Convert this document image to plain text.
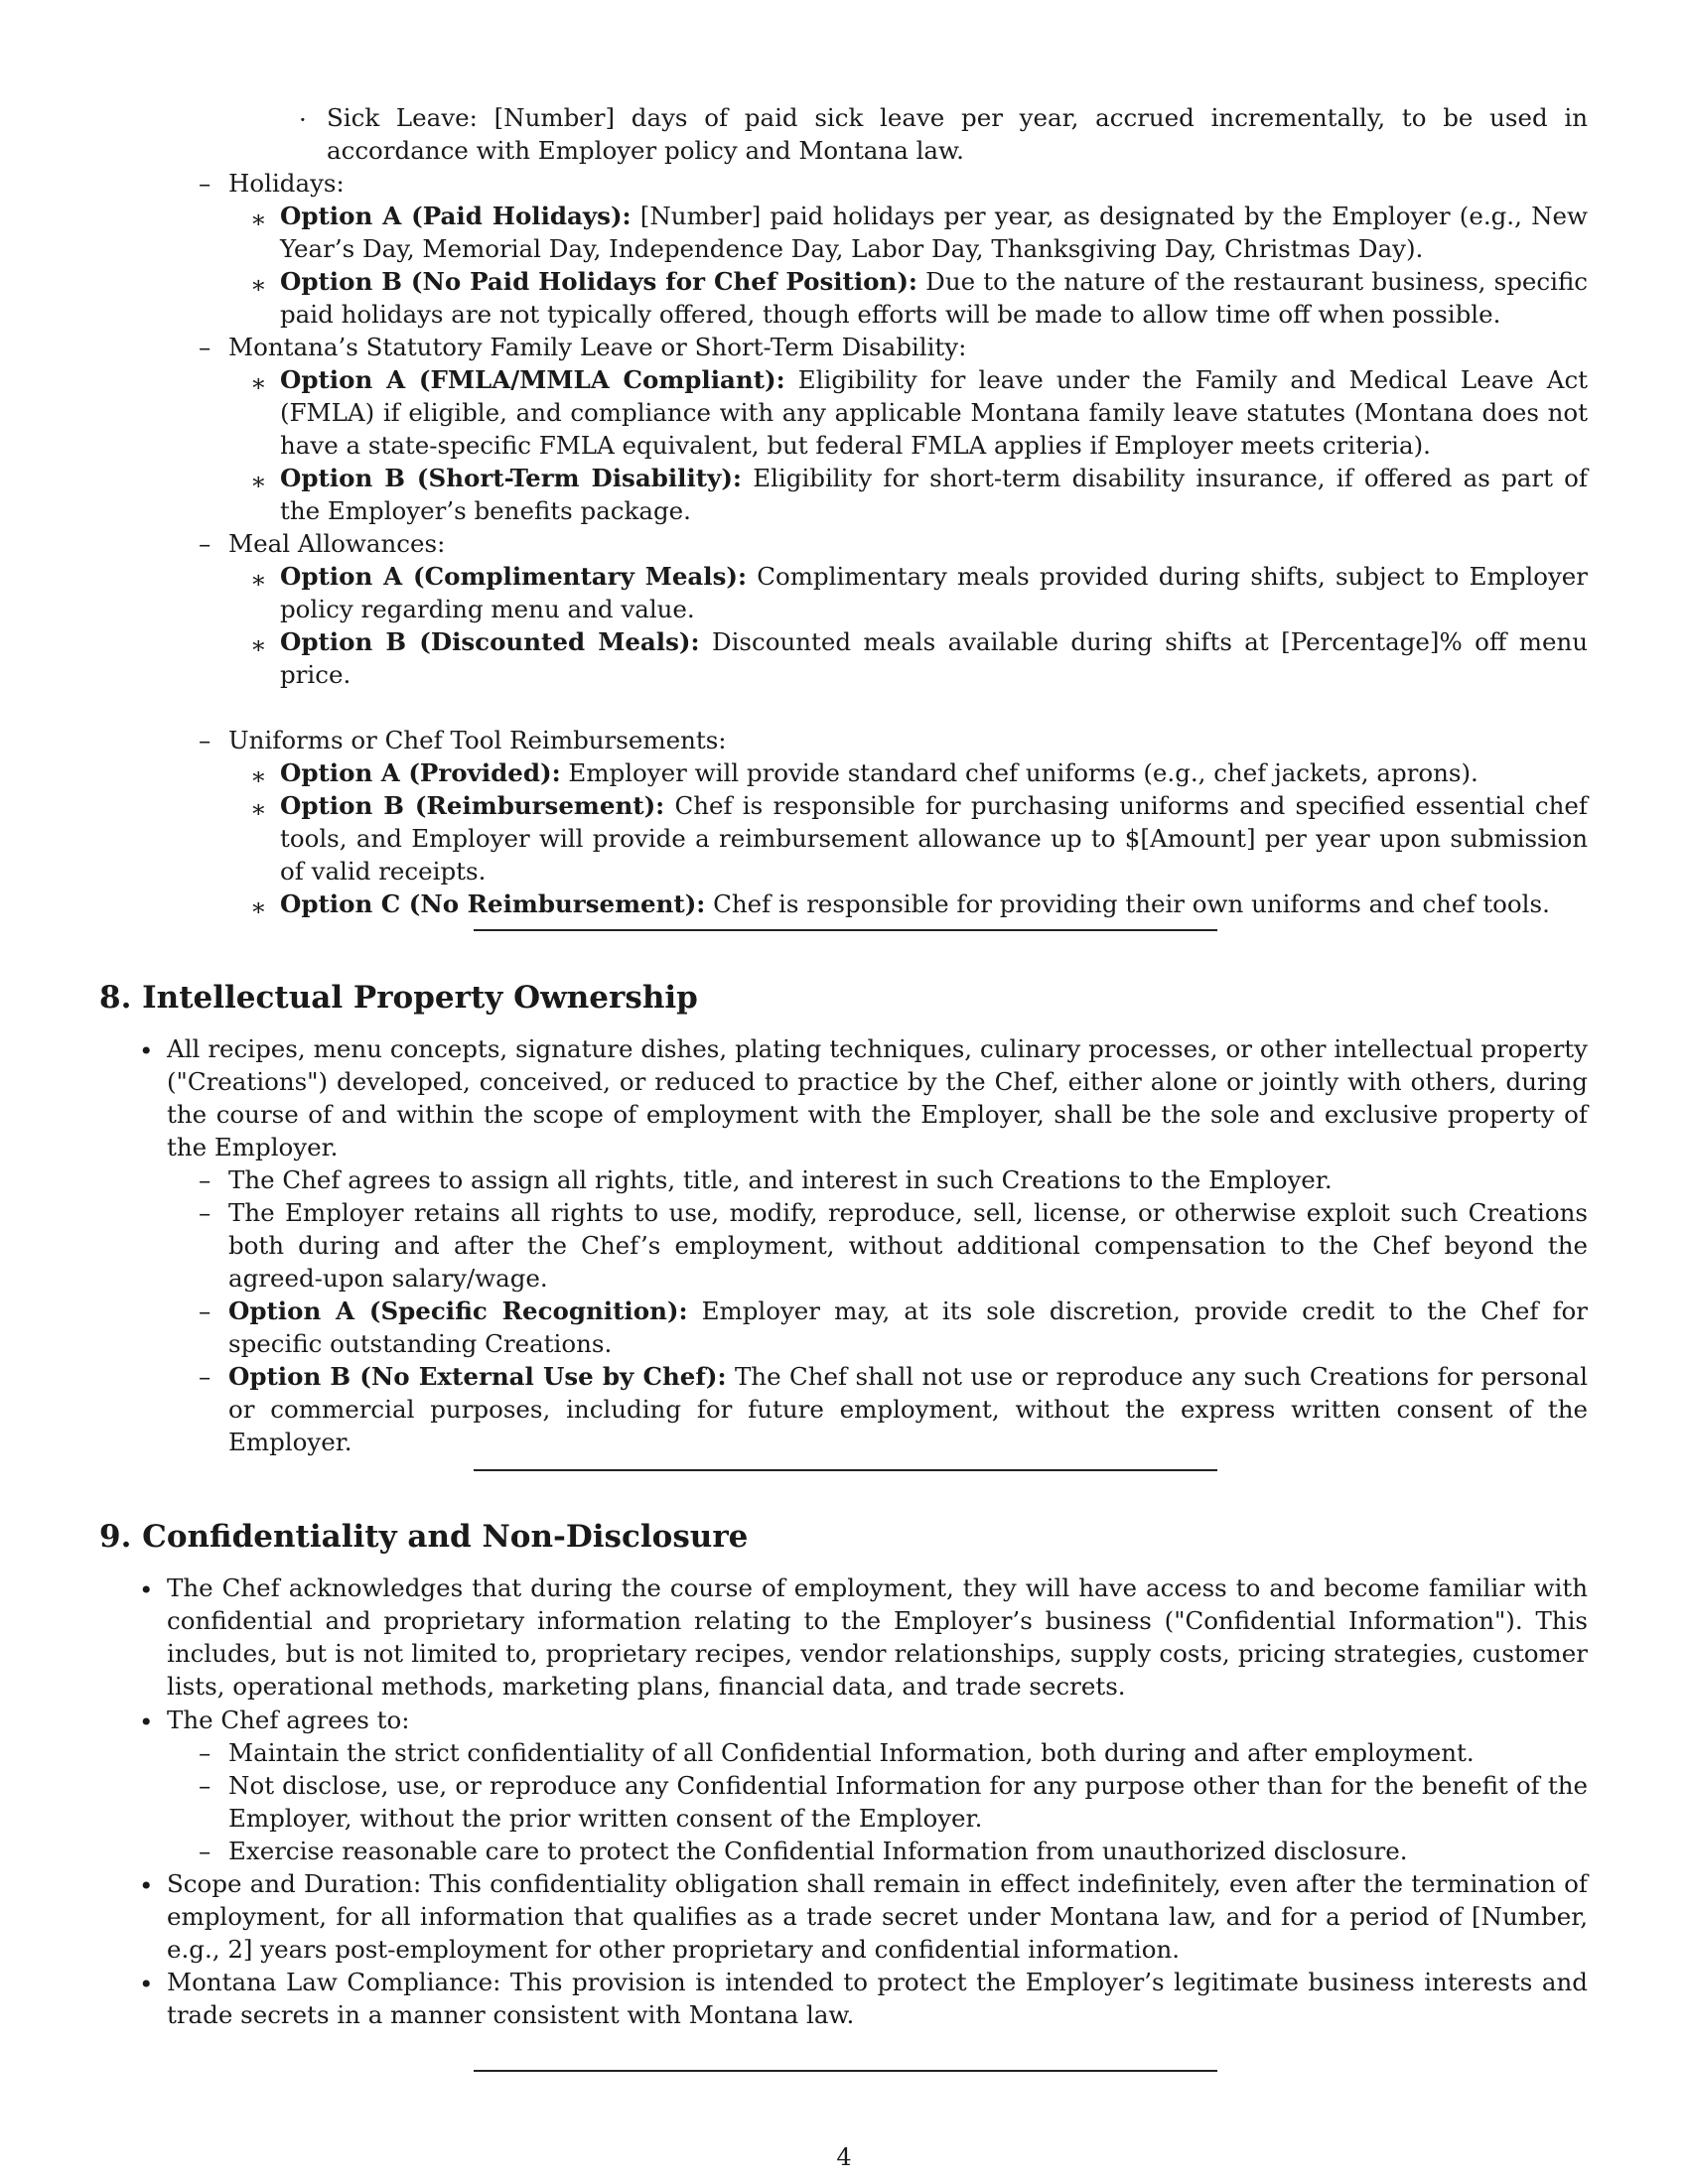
· Sick Leave: [Number] days of paid sick leave per year, accrued incrementally, to be used in accordance with Employer policy and Montana law.
– Holidays:
∗ Option A (Paid Holidays): [Number] paid holidays per year, as designated by the Employer (e.g., New Year’s Day, Memorial Day, Independence Day, Labor Day, Thanksgiving Day, Christmas Day).
∗ Option B (No Paid Holidays for Chef Position): Due to the nature of the restaurant business, specific paid holidays are not typically offered, though efforts will be made to allow time off when possible.
– Montana’s Statutory Family Leave or Short-Term Disability:
∗ Option A (FMLA/MMLA Compliant): Eligibility for leave under the Family and Medical Leave Act (FMLA) if eligible, and compliance with any applicable Montana family leave statutes (Montana does not have a state-specific FMLA equivalent, but federal FMLA applies if Employer meets criteria).
∗ Option B (Short-Term Disability): Eligibility for short-term disability insurance, if offered as part of the Employer’s benefits package.
– Meal Allowances:
∗ Option A (Complimentary Meals): Complimentary meals provided during shifts, subject to Employer policy regarding menu and value.
∗ Option B (Discounted Meals): Discounted meals available during shifts at [Percentage]% off menu price.
– Uniforms or Chef Tool Reimbursements:
∗ Option A (Provided): Employer will provide standard chef uniforms (e.g., chef jackets, aprons).
∗ Option B (Reimbursement): Chef is responsible for purchasing uniforms and specified essential chef tools, and Employer will provide a reimbursement allowance up to $[Amount] per year upon submission of valid receipts.
∗ Option C (No Reimbursement): Chef is responsible for providing their own uniforms and chef tools.
8. Intellectual Property Ownership
• All recipes, menu concepts, signature dishes, plating techniques, culinary processes, or other intellectual property ("Creations") developed, conceived, or reduced to practice by the Chef, either alone or jointly with others, during the course of and within the scope of employment with the Employer, shall be the sole and exclusive property of the Employer.
– The Chef agrees to assign all rights, title, and interest in such Creations to the Employer.
– The Employer retains all rights to use, modify, reproduce, sell, license, or otherwise exploit such Creations both during and after the Chef’s employment, without additional compensation to the Chef beyond the agreed-upon salary/wage.
– Option A (Specific Recognition): Employer may, at its sole discretion, provide credit to the Chef for specific outstanding Creations.
– Option B (No External Use by Chef): The Chef shall not use or reproduce any such Creations for personal or commercial purposes, including for future employment, without the express written consent of the Employer.
9. Confidentiality and Non-Disclosure
• The Chef acknowledges that during the course of employment, they will have access to and become familiar with confidential and proprietary information relating to the Employer’s business ("Confidential Information"). This includes, but is not limited to, proprietary recipes, vendor relationships, supply costs, pricing strategies, customer lists, operational methods, marketing plans, financial data, and trade secrets.
• The Chef agrees to:
– Maintain the strict confidentiality of all Confidential Information, both during and after employment.
– Not disclose, use, or reproduce any Confidential Information for any purpose other than for the benefit of the Employer, without the prior written consent of the Employer.
– Exercise reasonable care to protect the Confidential Information from unauthorized disclosure.
• Scope and Duration: This confidentiality obligation shall remain in effect indefinitely, even after the termination of employment, for all information that qualifies as a trade secret under Montana law, and for a period of [Number, e.g., 2] years post-employment for other proprietary and confidential information.
• Montana Law Compliance: This provision is intended to protect the Employer’s legitimate business interests and trade secrets in a manner consistent with Montana law.
4
